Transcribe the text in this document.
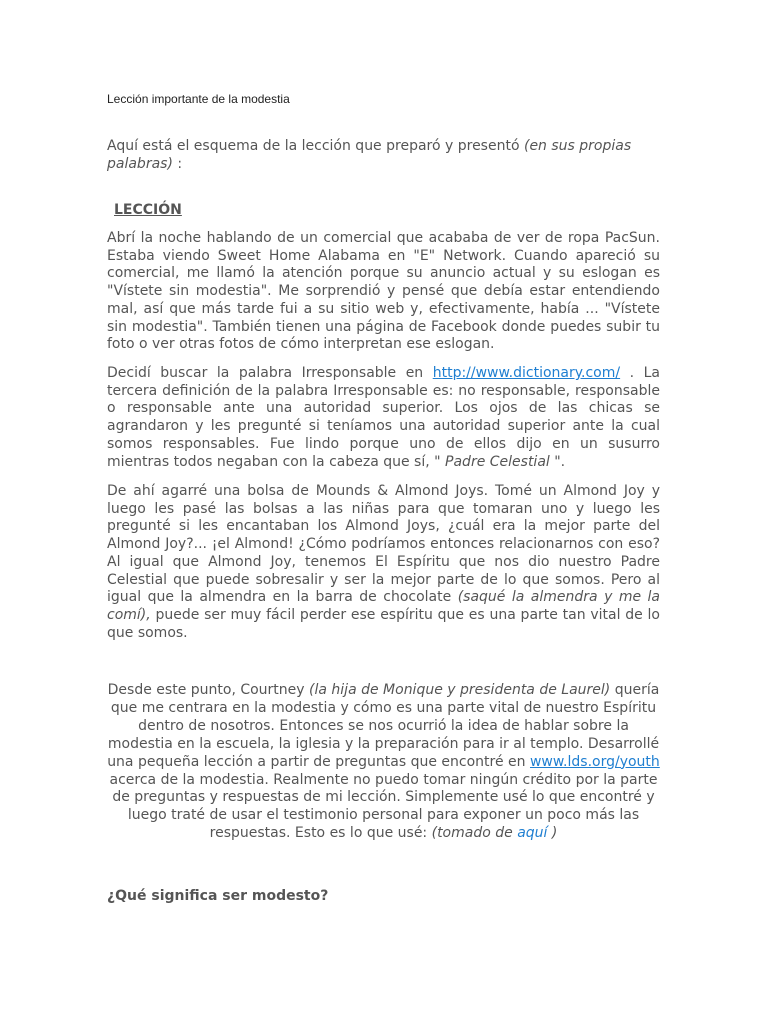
Lección importante de la modestia
Aquí está el esquema de la lección que preparó y presentó (en sus propias palabras) :
LECCIÓN

Abrí la noche hablando de un comercial que acababa de ver de ropa PacSun. Estaba viendo Sweet Home Alabama en "E" Network. Cuando apareció su comercial, me llamó la atención porque su anuncio actual y su eslogan es "Vístete sin modestia". Me sorprendió y pensé que debía estar entendiendo mal, así que más tarde fui a su sitio web y, efectivamente, había ... "Vístete sin modestia". También tienen una página de Facebook donde puedes subir tu foto o ver otras fotos de cómo interpretan ese eslogan.

Decidí buscar la palabra Irresponsable en http://www.dictionary.com/ . La tercera definición de la palabra Irresponsable es: no responsable, responsable o responsable ante una autoridad superior. Los ojos de las chicas se agrandaron y les pregunté si teníamos una autoridad superior ante la cual somos responsables. Fue lindo porque uno de ellos dijo en un susurro mientras todos negaban con la cabeza que sí, " Padre Celestial ".

De ahí agarré una bolsa de Mounds & Almond Joys. Tomé un Almond Joy y luego les pasé las bolsas a las niñas para que tomaran uno y luego les pregunté si les encantaban los Almond Joys, ¿cuál era la mejor parte del Almond Joy?... ¡el Almond! ¿Cómo podríamos entonces relacionarnos con eso? Al igual que Almond Joy, tenemos El Espíritu que nos dio nuestro Padre Celestial que puede sobresalir y ser la mejor parte de lo que somos. Pero al igual que la almendra en la barra de chocolate (saqué la almendra y me la comí), puede ser muy fácil perder ese espíritu que es una parte tan vital de lo que somos.

Desde este punto, Courtney (la hija de Monique y presidenta de Laurel) quería que me centrara en la modestia y cómo es una parte vital de nuestro Espíritu dentro de nosotros. Entonces se nos ocurrió la idea de hablar sobre la modestia en la escuela, la iglesia y la preparación para ir al templo. Desarrollé una pequeña lección a partir de preguntas que encontré en www.lds.org/youth acerca de la modestia. Realmente no puedo tomar ningún crédito por la parte de preguntas y respuestas de mi lección. Simplemente usé lo que encontré y luego traté de usar el testimonio personal para exponer un poco más las respuestas. Esto es lo que usé: (tomado de aquí )
¿Qué significa ser modesto?
